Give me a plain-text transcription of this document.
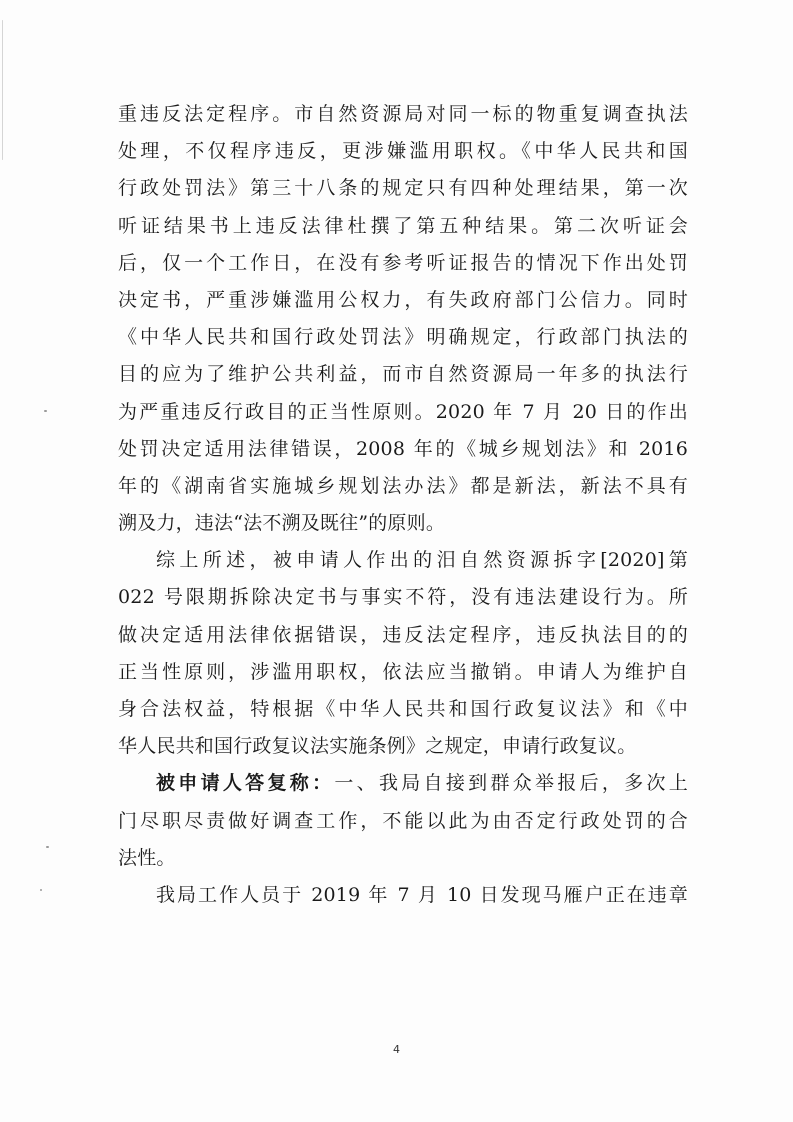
重违反法定程序。市自然资源局对同一标的物重复调查执法
处理，不仅程序违反，更涉嫌滥用职权。《中华人民共和国
行政处罚法》第三十八条的规定只有四种处理结果，第一次
听证结果书上违反法律杜撰了第五种结果。第二次听证会
后，仅一个工作日，在没有参考听证报告的情况下作出处罚
决定书，严重涉嫌滥用公权力，有失政府部门公信力。同时
《中华人民共和国行政处罚法》明确规定，行政部门执法的
目的应为了维护公共利益，而市自然资源局一年多的执法行
为严重违反行政目的正当性原则。2020 年 7 月 20 日的作出
处罚决定适用法律错误，2008 年的《城乡规划法》和 2016
年的《湖南省实施城乡规划法办法》都是新法，新法不具有
溯及力，违法“法不溯及既往”的原则。
综上所述，被申请人作出的汨自然资源拆字[2020]第
022 号限期拆除决定书与事实不符，没有违法建设行为。所
做决定适用法律依据错误，违反法定程序，违反执法目的的
正当性原则，涉滥用职权，依法应当撤销。申请人为维护自
身合法权益，特根据《中华人民共和国行政复议法》和《中
华人民共和国行政复议法实施条例》之规定，申请行政复议。
被申请人答复称：一、我局自接到群众举报后，多次上
门尽职尽责做好调查工作，不能以此为由否定行政处罚的合
法性。
我局工作人员于 2019 年 7 月 10 日发现马雁户正在违章
4
